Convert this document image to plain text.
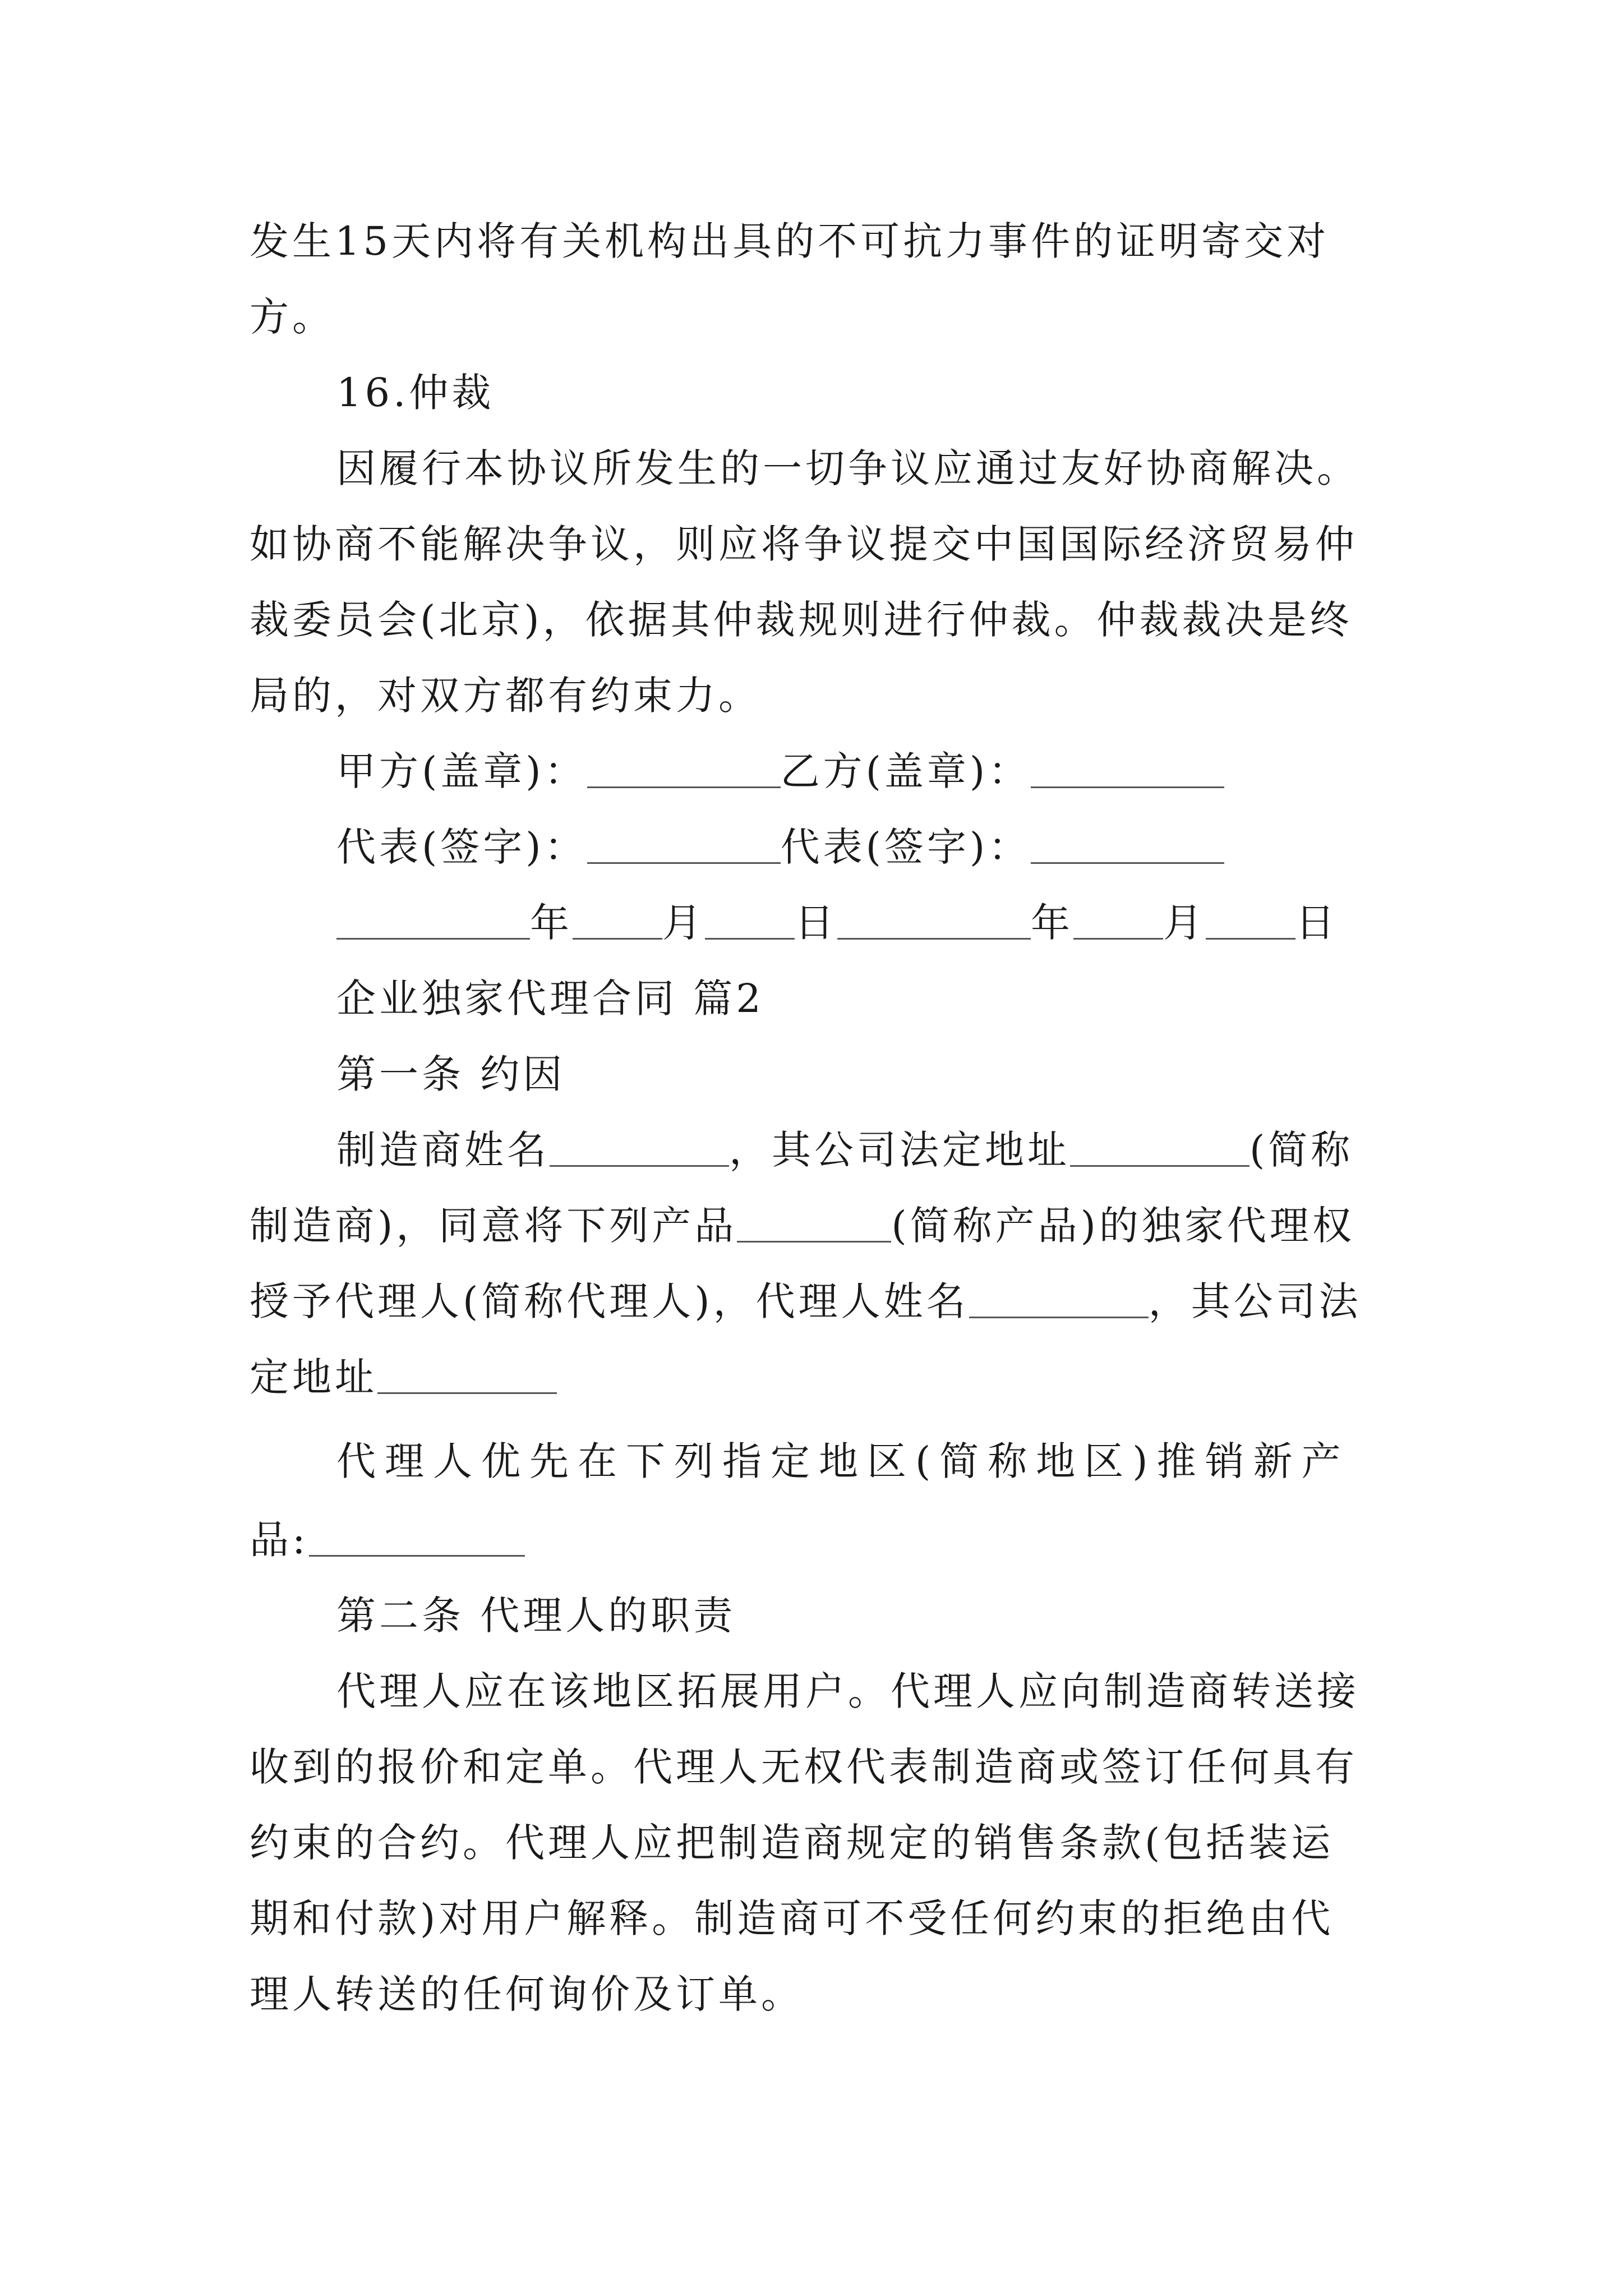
发生15天内将有关机构出具的不可抗力事件的证明寄交对
方。
16.仲裁
因履行本协议所发生的一切争议应通过友好协商解决。
如协商不能解决争议，则应将争议提交中国国际经济贸易仲
裁委员会(北京)，依据其仲裁规则进行仲裁。仲裁裁决是终
局的，对双方都有约束力。
甲方(盖章)：	乙方(盖章)：
代表(签字)：	代表(签字)：
年 月 日	年 月 日
企业独家代理合同 篇2
第一条 约因
制造商姓名	，其公司法定地址	(简称
制造商)，同意将下列产品	(简称产品)的独家代理权
授予代理人(简称代理人)，代理人姓名	，其公司法
定地址
代理人优先在下列指定地区(简称地区)推销新产
品:
第二条 代理人的职责
代理人应在该地区拓展用户。代理人应向制造商转送接
收到的报价和定单。代理人无权代表制造商或签订任何具有
约束的合约。代理人应把制造商规定的销售条款(包括装运
期和付款)对用户解释。制造商可不受任何约束的拒绝由代
理人转送的任何询价及订单。
